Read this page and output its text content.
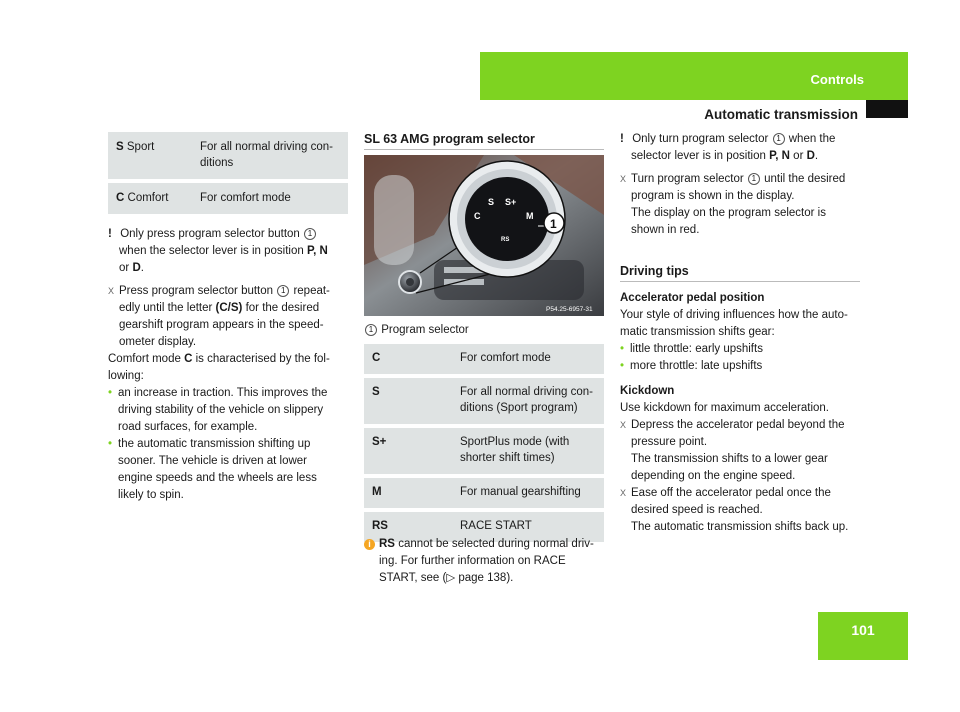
Controls
Automatic transmission
S Sport	For all normal driving con-
ditions

C Comfort	For comfort mode

! Only press program selector button 1

when the selector lever is in position P, N

or D.

X Press program selector button 1 repeat-

edly until the letter (C/S) for the desired

gearshift program appears in the speed-

ometer display.

Comfort mode C is characterised by the fol-

lowing:

• an increase in traction. This improves the

driving stability of the vehicle on slippery

road surfaces, for example.

• the automatic transmission shifting up

sooner. The vehicle is driven at lower

engine speeds and the wheels are less

likely to spin.

SL 63 AMG program selector
S S+
C	M
RS
1
P54.25-6957-31
1 Program selector
C	For comfort mode

S	For all normal driving con-
ditions (Sport program)

S+	SportPlus mode (with
shorter shift times)

M	For manual gearshifting

RS	RACE START

i RS cannot be selected during normal driv-

ing. For further information on RACE

START, see (▷ page 138).

! Only turn program selector 1 when the

selector lever is in position P, N or D.

X Turn program selector 1 until the desired

program is shown in the display.

The display on the program selector is

shown in red.

Driving tips

Accelerator pedal position

Your style of driving influences how the auto-

matic transmission shifts gear:

• little throttle: early upshifts

• more throttle: late upshifts

Kickdown

Use kickdown for maximum acceleration.

X Depress the accelerator pedal beyond the

pressure point.

The transmission shifts to a lower gear

depending on the engine speed.

X Ease off the accelerator pedal once the

desired speed is reached.

The automatic transmission shifts back up.

101
